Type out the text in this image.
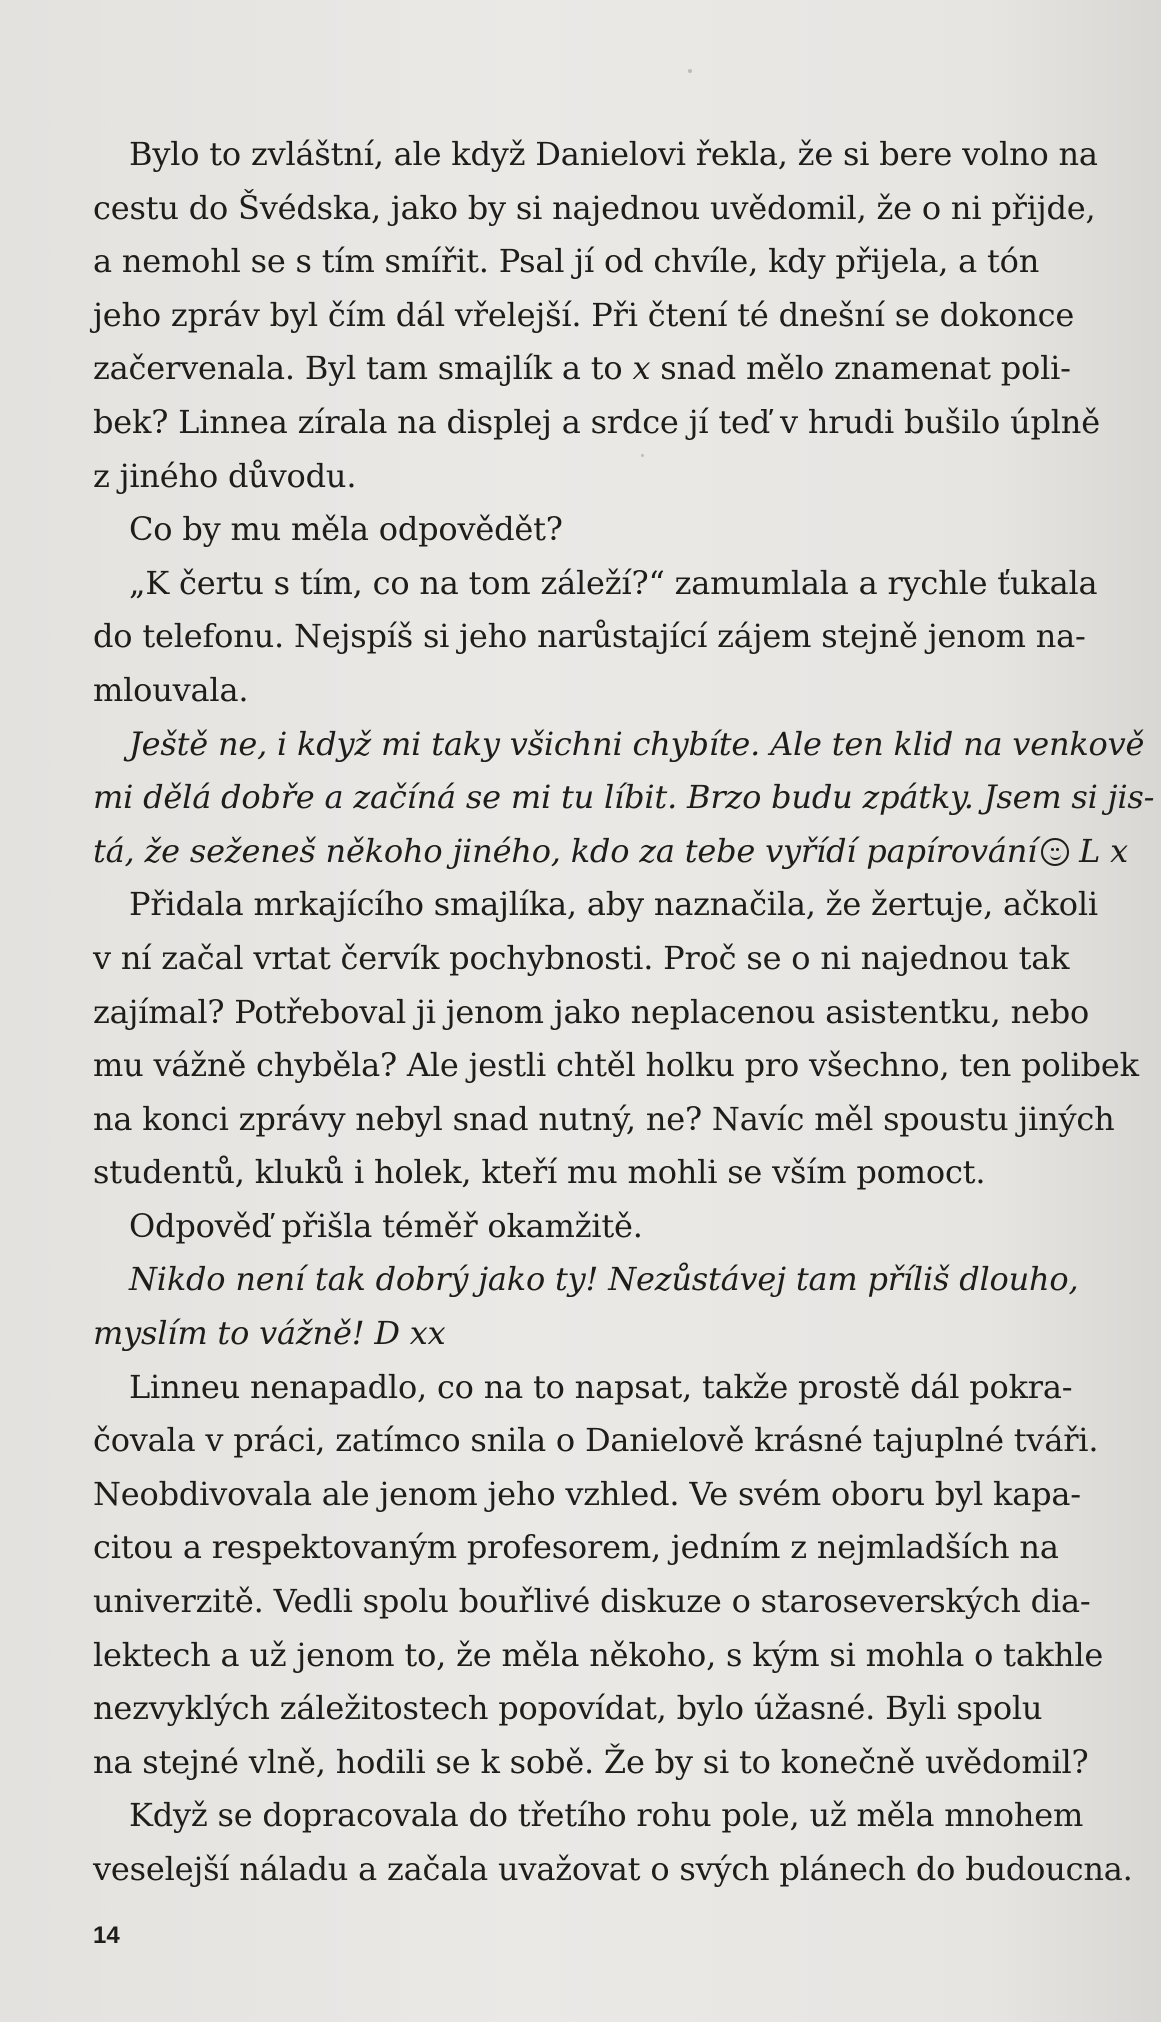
Bylo to zvláštní, ale když Danielovi řekla, že si bere volno na
cestu do Švédska, jako by si najednou uvědomil, že o ni přijde,
a nemohl se s tím smířit. Psal jí od chvíle, kdy přijela, a tón
jeho zpráv byl čím dál vřelejší. Při čtení té dnešní se dokonce
začervenala. Byl tam smajlík a to x snad mělo znamenat poli-
bek? Linnea zírala na displej a srdce jí teď v hrudi bušilo úplně
z jiného důvodu.
Co by mu měla odpovědět?
„K čertu s tím, co na tom záleží?“ zamumlala a rychle ťukala
do telefonu. Nejspíš si jeho narůstající zájem stejně jenom na-
mlouvala.
Ještě ne, i když mi taky všichni chybíte. Ale ten klid na venkově
mi dělá dobře a začíná se mi tu líbit. Brzo budu zpátky. Jsem si jis-
tá, že seženeš někoho jiného, kdo za tebe vyřídí papírování L x
Přidala mrkajícího smajlíka, aby naznačila, že žertuje, ačkoli
v ní začal vrtat červík pochybnosti. Proč se o ni najednou tak
zajímal? Potřeboval ji jenom jako neplacenou asistentku, nebo
mu vážně chyběla? Ale jestli chtěl holku pro všechno, ten polibek
na konci zprávy nebyl snad nutný, ne? Navíc měl spoustu jiných
studentů, kluků i holek, kteří mu mohli se vším pomoct.
Odpověď přišla téměř okamžitě.
Nikdo není tak dobrý jako ty! Nezůstávej tam příliš dlouho,
myslím to vážně! D xx
Linneu nenapadlo, co na to napsat, takže prostě dál pokra-
čovala v práci, zatímco snila o Danielově krásné tajuplné tváři.
Neobdivovala ale jenom jeho vzhled. Ve svém oboru byl kapa-
citou a respektovaným profesorem, jedním z nejmladších na
univerzitě. Vedli spolu bouřlivé diskuze o staroseverských dia-
lektech a už jenom to, že měla někoho, s kým si mohla o takhle
nezvyklých záležitostech popovídat, bylo úžasné. Byli spolu
na stejné vlně, hodili se k sobě. Že by si to konečně uvědomil?
Když se dopracovala do třetího rohu pole, už měla mnohem
veselejší náladu a začala uvažovat o svých plánech do budoucna.
14
